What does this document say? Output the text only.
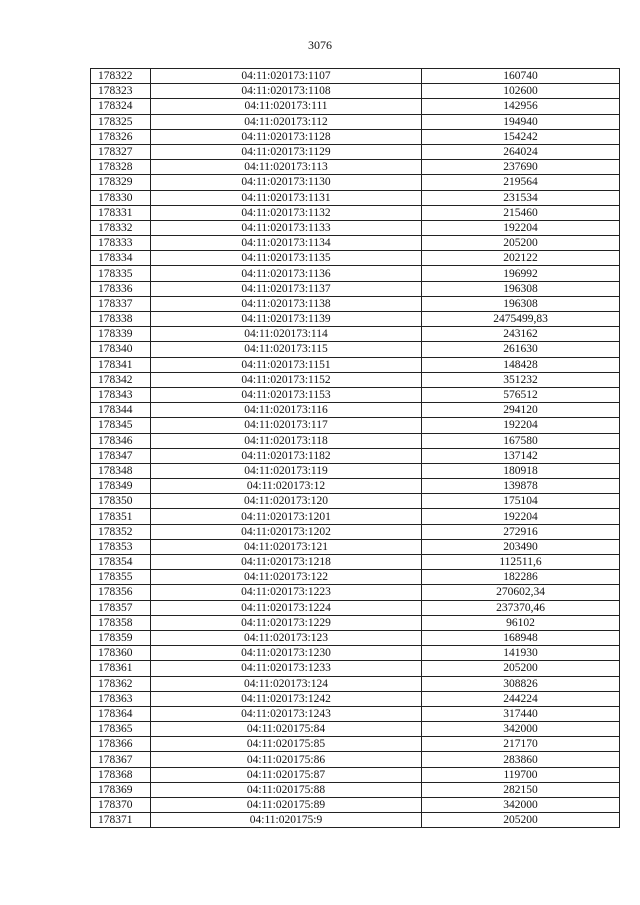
3076
178322	04:11:020173:1107	160740
178323	04:11:020173:1108	102600
178324	04:11:020173:111	142956
178325	04:11:020173:112	194940
178326	04:11:020173:1128	154242
178327	04:11:020173:1129	264024
178328	04:11:020173:113	237690
178329	04:11:020173:1130	219564
178330	04:11:020173:1131	231534
178331	04:11:020173:1132	215460
178332	04:11:020173:1133	192204
178333	04:11:020173:1134	205200
178334	04:11:020173:1135	202122
178335	04:11:020173:1136	196992
178336	04:11:020173:1137	196308
178337	04:11:020173:1138	196308
178338	04:11:020173:1139	2475499,83
178339	04:11:020173:114	243162
178340	04:11:020173:115	261630
178341	04:11:020173:1151	148428
178342	04:11:020173:1152	351232
178343	04:11:020173:1153	576512
178344	04:11:020173:116	294120
178345	04:11:020173:117	192204
178346	04:11:020173:118	167580
178347	04:11:020173:1182	137142
178348	04:11:020173:119	180918
178349	04:11:020173:12	139878
178350	04:11:020173:120	175104
178351	04:11:020173:1201	192204
178352	04:11:020173:1202	272916
178353	04:11:020173:121	203490
178354	04:11:020173:1218	112511,6
178355	04:11:020173:122	182286
178356	04:11:020173:1223	270602,34
178357	04:11:020173:1224	237370,46
178358	04:11:020173:1229	96102
178359	04:11:020173:123	168948
178360	04:11:020173:1230	141930
178361	04:11:020173:1233	205200
178362	04:11:020173:124	308826
178363	04:11:020173:1242	244224
178364	04:11:020173:1243	317440
178365	04:11:020175:84	342000
178366	04:11:020175:85	217170
178367	04:11:020175:86	283860
178368	04:11:020175:87	119700
178369	04:11:020175:88	282150
178370	04:11:020175:89	342000
178371	04:11:020175:9	205200
